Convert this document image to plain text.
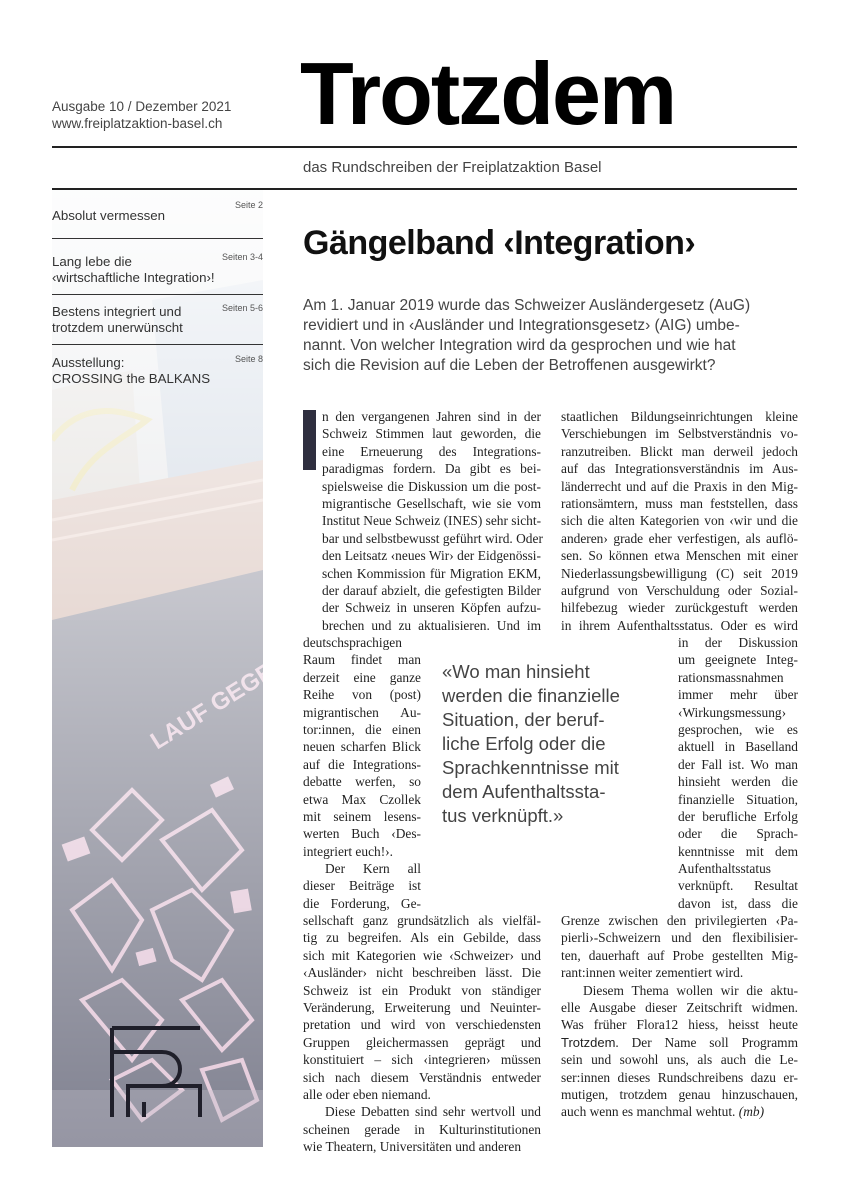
Ausgabe 10 / Dezember 2021
www.freiplatzaktion-basel.ch Trotzdem
das Rundschreiben der Freiplatzaktion Basel
Seite 2
Absolut vermessen
Seiten 3-4
Lang lebe die
‹wirtschaftliche Integration›!
Seiten 5-6
Bestens integriert und
trotzdem unerwünscht
Seite 8
Ausstellung:
CROSSING the BALKANS
Gängelband ‹Integration›
Am 1. Januar 2019 wurde das Schweizer Ausländergesetz (AuG)
revidiert und in ‹Ausländer und Integrationsgesetz› (AIG) umbe-
nannt. Von welcher Integration wird da gesprochen und wie hat
sich die Revision auf die Leben der Betroffenen ausgewirkt?
n den vergangenen Jahren sind in der
Schweiz Stimmen laut geworden, die
eine Erneuerung des Integrations-
paradigmas fordern. Da gibt es bei-
spielsweise die Diskussion um die post-
migrantische Gesellschaft, wie sie vom
Institut Neue Schweiz (INES) sehr sicht-
bar und selbstbewusst geführt wird. Oder
den Leitsatz ‹neues Wir› der Eidgenössi-
schen Kommission für Migration EKM,
der darauf abzielt, die gefestigten Bilder
der Schweiz in unseren Köpfen aufzu-
brechen und zu aktualisieren. Und im
deutschsprachigen
Raum findet man
derzeit eine ganze
Reihe von (post)
migrantischen Au-
tor:innen, die einen
neuen scharfen Blick
auf die Integrations-
debatte werfen, so
etwa Max Czollek
mit seinem lesens-
werten Buch ‹Des-
integriert euch!›.
Der Kern all
dieser Beiträge ist
die Forderung, Ge-
sellschaft ganz grundsätzlich als vielfäl-
tig zu begreifen. Als ein Gebilde, dass
sich mit Kategorien wie ‹Schweizer› und
‹Ausländer› nicht beschreiben lässt. Die
Schweiz ist ein Produkt von ständiger
Veränderung, Erweiterung und Neuinter-
pretation und wird von verschiedensten
Gruppen gleichermassen geprägt und
konstituiert – sich ‹integrieren› müssen
sich nach diesem Verständnis entweder
alle oder eben niemand.
Diese Debatten sind sehr wertvoll und
scheinen gerade in Kulturinstitutionen
wie Theatern, Universitäten und anderen
staatlichen Bildungseinrichtungen kleine
Verschiebungen im Selbstverständnis vo-
ranzutreiben. Blickt man derweil jedoch
auf das Integrationsverständnis im Aus-
länderrecht und auf die Praxis in den Mig-
rationsämtern, muss man feststellen, dass
sich die alten Kategorien von ‹wir und die
anderen› grade eher verfestigen, als auflö-
sen. So können etwa Menschen mit einer
Niederlassungsbewilligung (C) seit 2019
aufgrund von Verschuldung oder Sozial-
hilfebezug wieder zurückgestuft werden
in ihrem Aufenthaltsstatus. Oder es wird
in der Diskussion
um geeignete Integ-
rationsmassnahmen
immer mehr über
‹Wirkungsmessung›
gesprochen, wie es
aktuell in Baselland
der Fall ist. Wo man
hinsieht werden die
finanzielle Situation,
der berufliche Erfolg
oder die Sprach-
kenntnisse mit dem
Aufenthaltsstatus
verknüpft. Resultat
davon ist, dass die
Grenze zwischen den privilegierten ‹Pa-
pierli›-Schweizern und den flexibilisier-
ten, dauerhaft auf Probe gestellten Mig-
rant:innen weiter zementiert wird.
Diesem Thema wollen wir die aktu-
elle Ausgabe dieser Zeitschrift widmen.
Was früher Flora12 hiess, heisst heute
Trotzdem. Der Name soll Programm
sein und sowohl uns, als auch die Le-
ser:innen dieses Rundschreibens dazu er-
mutigen, trotzdem genau hinzuschauen,
auch wenn es manchmal wehtut. (mb)
«Wo man hinsieht
werden die finanzielle
Situation, der beruf-
liche Erfolg oder die
Sprachkenntnisse mit
dem Aufenthaltssta-
tus verknüpft.»
